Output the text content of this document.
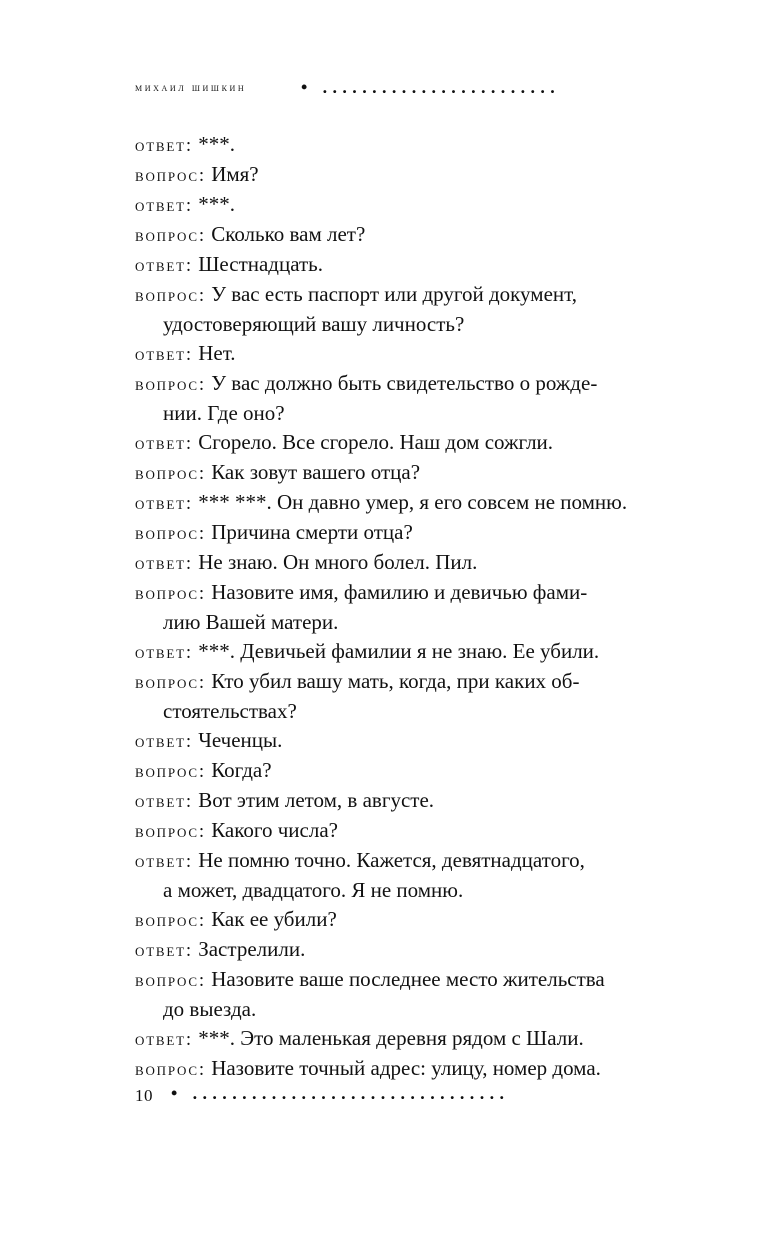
михаил шишкин	• ........................
ответ: ***.
вопрос: Имя?
ответ: ***.
вопрос: Сколько вам лет?
ответ: Шестнадцать.
вопрос: У вас есть паспорт или другой документ,
удостоверяющий вашу личность?
ответ: Нет.
вопрос: У вас должно быть свидетельство о рожде-
нии. Где оно?
ответ: Сгорело. Все сгорело. Наш дом сожгли.
вопрос: Как зовут вашего отца?
ответ: *** ***. Он давно умер, я его совсем не помню.
вопрос: Причина смерти отца?
ответ: Не знаю. Он много болел. Пил.
вопрос: Назовите имя, фамилию и девичью фами-
лию Вашей матери.
ответ: ***. Девичьей фамилии я не знаю. Ее убили.
вопрос: Кто убил вашу мать, когда, при каких об-
стоятельствах?
ответ: Чеченцы.
вопрос: Когда?
ответ: Вот этим летом, в августе.
вопрос: Какого числа?
ответ: Не помню точно. Кажется, девятнадцатого,
а может, двадцатого. Я не помню.
вопрос: Как ее убили?
ответ: Застрелили.
вопрос: Назовите ваше последнее место жительства
до выезда.
ответ: ***. Это маленькая деревня рядом с Шали.
вопрос: Назовите точный адрес: улицу, номер дома.
10 • ................................
